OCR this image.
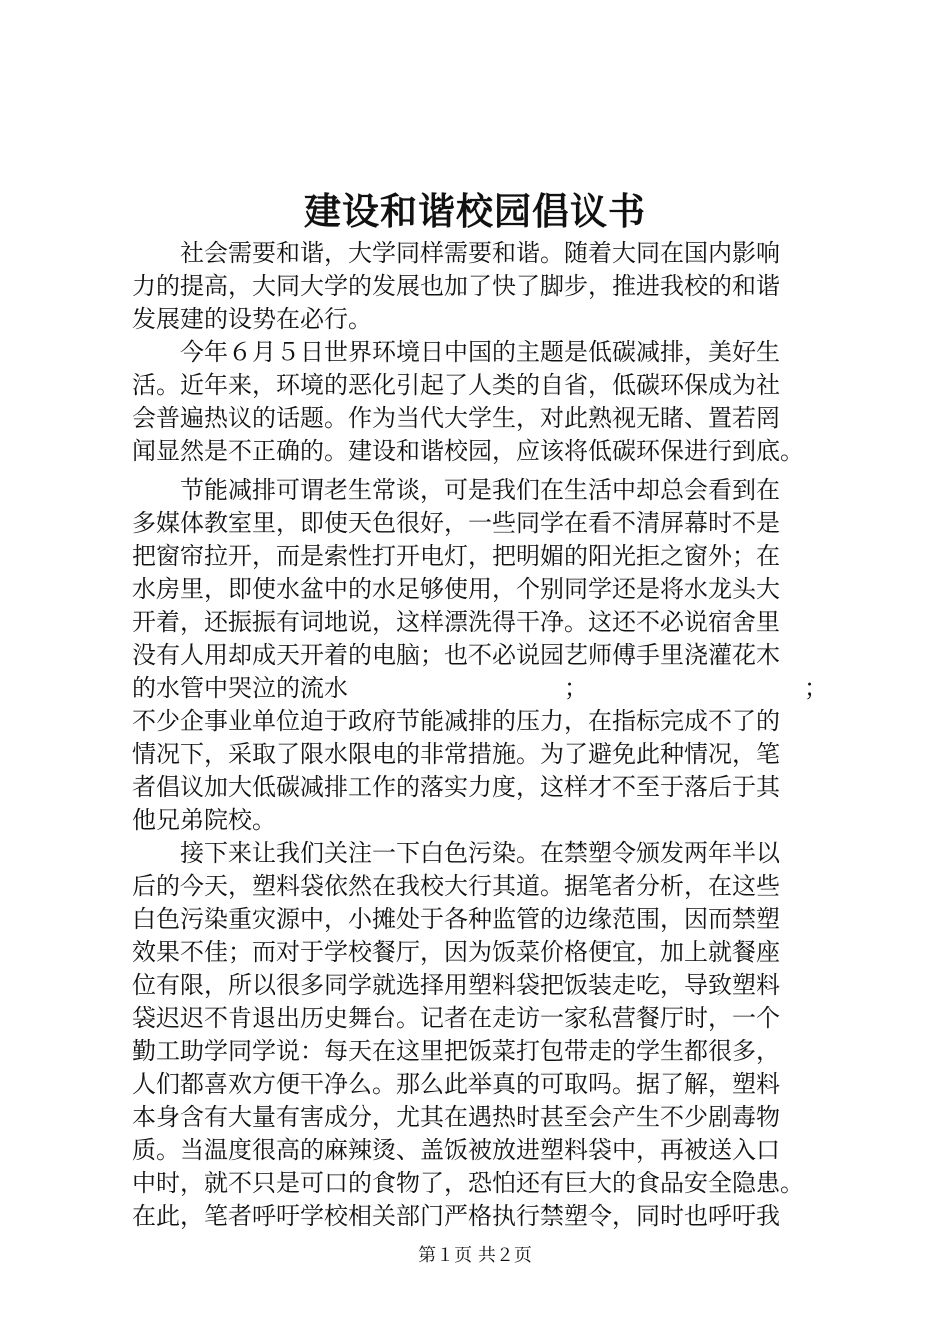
建设和谐校园倡议书
社会需要和谐，大学同样需要和谐。随着大同在国内影响
力的提高，大同大学的发展也加了快了脚步，推进我校的和谐
发展建的设势在必行。
今年６月５日世界环境日中国的主题是低碳减排，美好生
活。近年来，环境的恶化引起了人类的自省，低碳环保成为社
会普遍热议的话题。作为当代大学生，对此熟视无睹、置若罔
闻显然是不正确的。建设和谐校园，应该将低碳环保进行到底。
节能减排可谓老生常谈，可是我们在生活中却总会看到在
多媒体教室里，即使天色很好，一些同学在看不清屏幕时不是
把窗帘拉开，而是索性打开电灯，把明媚的阳光拒之窗外；在
水房里，即使水盆中的水足够使用，个别同学还是将水龙头大
开着，还振振有词地说，这样漂洗得干净。这还不必说宿舍里
没有人用却成天开着的电脑；也不必说园艺师傅手里浇灌花木
的水管中哭泣的流水	；	；
不少企事业单位迫于政府节能减排的压力，在指标完成不了的
情况下，采取了限水限电的非常措施。为了避免此种情况，笔
者倡议加大低碳减排工作的落实力度，这样才不至于落后于其
他兄弟院校。
接下来让我们关注一下白色污染。在禁塑令颁发两年半以
后的今天，塑料袋依然在我校大行其道。据笔者分析，在这些
白色污染重灾源中，小摊处于各种监管的边缘范围，因而禁塑
效果不佳；而对于学校餐厅，因为饭菜价格便宜，加上就餐座
位有限，所以很多同学就选择用塑料袋把饭装走吃，导致塑料
袋迟迟不肯退出历史舞台。记者在走访一家私营餐厅时，一个
勤工助学同学说：每天在这里把饭菜打包带走的学生都很多，
人们都喜欢方便干净么。那么此举真的可取吗。据了解，塑料
本身含有大量有害成分，尤其在遇热时甚至会产生不少剧毒物
质。当温度很高的麻辣烫、盖饭被放进塑料袋中，再被送入口
中时，就不只是可口的食物了，恐怕还有巨大的食品安全隐患。
在此，笔者呼吁学校相关部门严格执行禁塑令，同时也呼吁我
第１页 共２页
